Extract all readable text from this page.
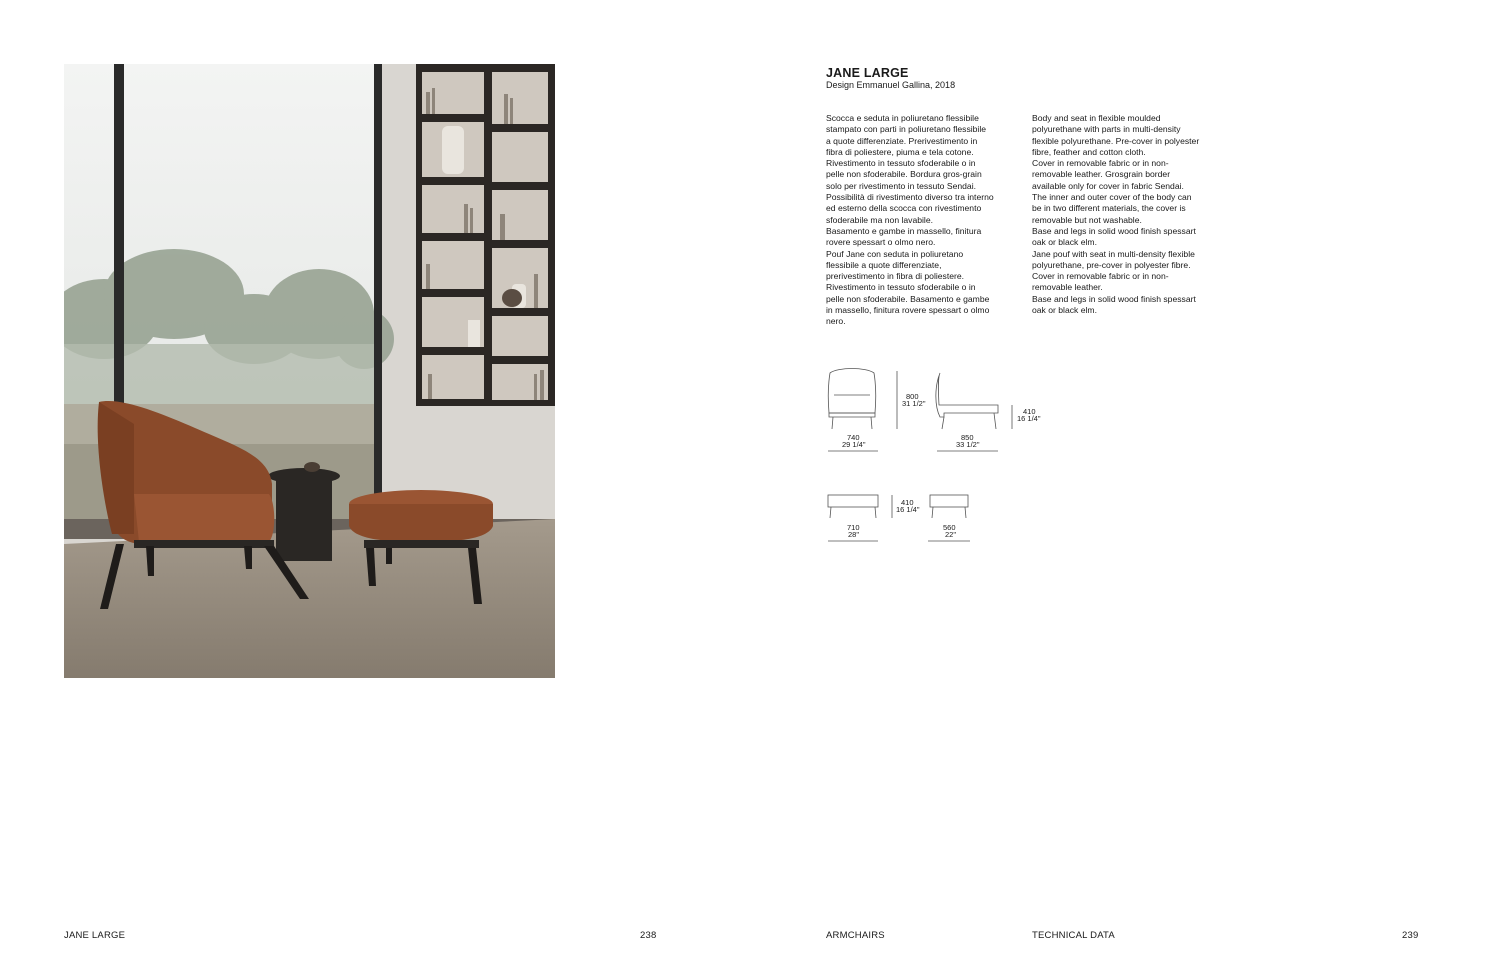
JANE LARGE
Design Emmanuel Gallina, 2018

Scocca e seduta in poliuretano flessibile
stampato con parti in poliuretano flessibile
a quote differenziate. Prerivestimento in
fibra di poliestere, piuma e tela cotone.
Rivestimento in tessuto sfoderabile o in
pelle non sfoderabile. Bordura gros-grain
solo per rivestimento in tessuto Sendai.
Possibilità di rivestimento diverso tra interno
ed esterno della scocca con rivestimento
sfoderabile ma non lavabile.
Basamento e gambe in massello, finitura
rovere spessart o olmo nero.
Pouf Jane con seduta in poliuretano
flessibile a quote differenziate,
prerivestimento in fibra di poliestere.
Rivestimento in tessuto sfoderabile o in
pelle non sfoderabile. Basamento e gambe
in massello, finitura rovere spessart o olmo
nero.

Body and seat in flexible moulded
polyurethane with parts in multi-density
flexible polyurethane. Pre-cover in polyester
fibre, feather and cotton cloth.
Cover in removable fabric or in non-
removable leather. Grosgrain border
available only for cover in fabric Sendai.
The inner and outer cover of the body can
be in two different materials, the cover is
removable but not washable.
Base and legs in solid wood finish spessart
oak or black elm.
Jane pouf with seat in multi-density flexible
polyurethane, pre-cover in polyester fibre.
Cover in removable fabric or in non-
removable leather.
Base and legs in solid wood finish spessart
oak or black elm.

800
31 1/2"
740
29 1/4"
850
33 1/2"
410
16 1/4"
410
16 1/4"
710
28"
560
22"
JANE LARGE	238	ARMCHAIRS	TECHNICAL DATA	239
